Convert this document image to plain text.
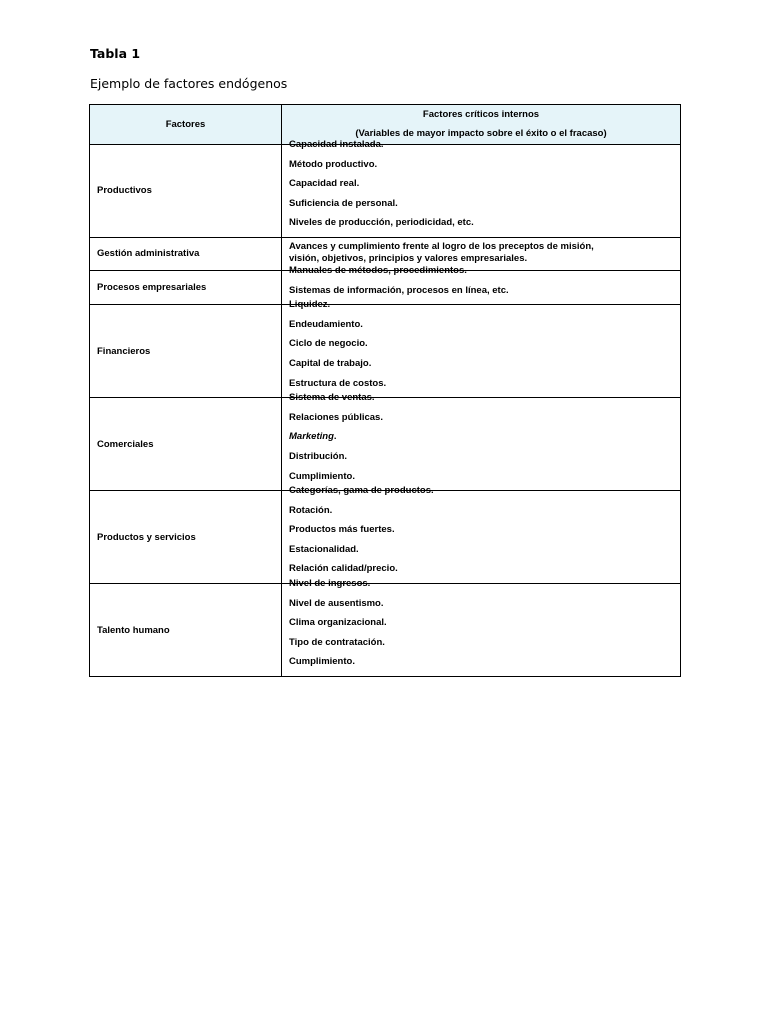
Tabla 1
Ejemplo de factores endógenos
Factores	Factores críticos internos
(Variables de mayor impacto sobre el éxito o el fracaso)

Productivos	Capacidad instalada.
Método productivo.
Capacidad real.
Suficiencia de personal.
Niveles de producción, periodicidad, etc.

Gestión administrativa	Avances y cumplimiento frente al logro de los preceptos de misión,
visión, objetivos, principios y valores empresariales.

Procesos empresariales	Manuales de métodos, procedimientos.
Sistemas de información, procesos en línea, etc.

Financieros	Liquidez.
Endeudamiento.
Ciclo de negocio.
Capital de trabajo.
Estructura de costos.

Comerciales	Sistema de ventas.
Relaciones públicas.
Marketing.
Distribución.
Cumplimiento.

Productos y servicios	Categorías, gama de productos.
Rotación.
Productos más fuertes.
Estacionalidad.
Relación calidad/precio.

Talento humano	Nivel de ingresos.
Nivel de ausentismo.
Clima organizacional.
Tipo de contratación.
Cumplimiento.
